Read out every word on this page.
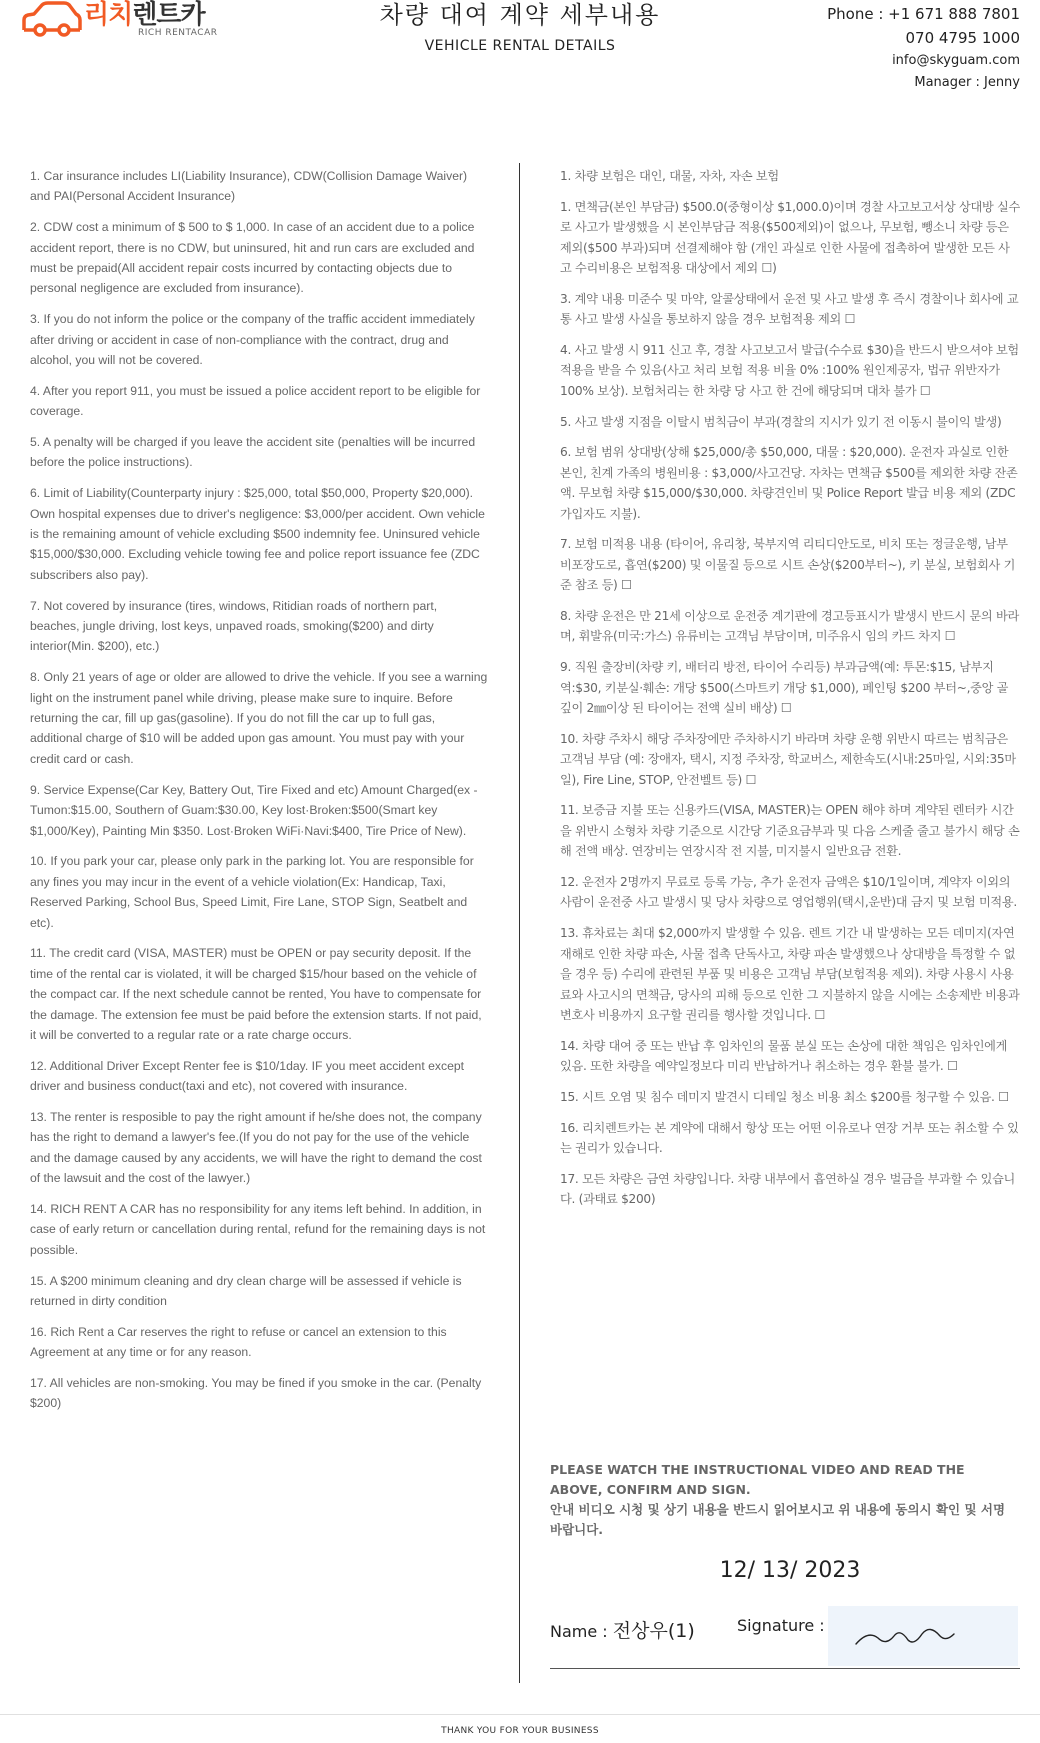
리치렌트카
RICH RENTACAR
차량 대여 계약 세부내용
VEHICLE RENTAL DETAILS
Phone : +1 671 888 7801
070 4795 1000
info@skyguam.com
Manager : Jenny

1. Car insurance includes LI(Liability Insurance), CDW(Collision Damage Waiver) and PAI(Personal Accident Insurance)

2. CDW cost a minimum of $ 500 to $ 1,000. In case of an accident due to a police accident report, there is no CDW, but uninsured, hit and run cars are excluded and must be prepaid(All accident repair costs incurred by contacting objects due to personal negligence are excluded from insurance).

3. If you do not inform the police or the company of the traffic accident immediately after driving or accident in case of non-compliance with the contract, drug and alcohol, you will not be covered.

4. After you report 911, you must be issued a police accident report to be eligible for coverage.

5. A penalty will be charged if you leave the accident site (penalties will be incurred before the police instructions).

6. Limit of Liability(Counterparty injury : $25,000, total $50,000, Property $20,000). Own hospital expenses due to driver's negligence: $3,000/per accident. Own vehicle is the remaining amount of vehicle excluding $500 indemnity fee. Uninsured vehicle $15,000/$30,000. Excluding vehicle towing fee and police report issuance fee (ZDC subscribers also pay).

7. Not covered by insurance (tires, windows, Ritidian roads of northern part, beaches, jungle driving, lost keys, unpaved roads, smoking($200) and dirty interior(Min. $200), etc.)

8. Only 21 years of age or older are allowed to drive the vehicle. If you see a warning light on the instrument panel while driving, please make sure to inquire. Before returning the car, fill up gas(gasoline). If you do not fill the car up to full gas, additional charge of $10 will be added upon gas amount. You must pay with your credit card or cash.

9. Service Expense(Car Key, Battery Out, Tire Fixed and etc) Amount Charged(ex - Tumon:$15.00, Southern of Guam:$30.00, Key lost·Broken:$500(Smart key $1,000/Key), Painting Min $350. Lost·Broken WiFi·Navi:$400, Tire Price of New).

10. If you park your car, please only park in the parking lot. You are responsible for any fines you may incur in the event of a vehicle violation(Ex: Handicap, Taxi, Reserved Parking, School Bus, Speed Limit, Fire Lane, STOP Sign, Seatbelt and etc).

11. The credit card (VISA, MASTER) must be OPEN or pay security deposit. If the time of the rental car is violated, it will be charged $15/hour based on the vehicle of the compact car. If the next schedule cannot be rented, You have to compensate for the damage. The extension fee must be paid before the extension starts. If not paid, it will be converted to a regular rate or a rate charge occurs.

12. Additional Driver Except Renter fee is $10/1day. IF you meet accident except driver and business conduct(taxi and etc), not covered with insurance.

13. The renter is resposible to pay the right amount if he/she does not, the company has the right to demand a lawyer's fee.(If you do not pay for the use of the vehicle and the damage caused by any accidents, we will have the right to demand the cost of the lawsuit and the cost of the lawyer.)

14. RICH RENT A CAR has no responsibility for any items left behind. In addition, in case of early return or cancellation during rental, refund for the remaining days is not possible.

15. A $200 minimum cleaning and dry clean charge will be assessed if vehicle is returned in dirty condition

16. Rich Rent a Car reserves the right to refuse or cancel an extension to this Agreement at any time or for any reason.

17. All vehicles are non-smoking. You may be fined if you smoke in the car. (Penalty $200)

1. 차량 보험은 대인, 대물, 자차, 자손 보험

1. 면책금(본인 부담금) $500.0(중형이상 $1,000.0)이며 경찰 사고보고서상 상대방 실수로 사고가 발생했을 시 본인부담금 적용($500제외)이 없으나, 무보험, 뺑소니 차량 등은 제외($500 부과)되며 선결제해야 함 (개인 과실로 인한 사물에 접촉하여 발생한 모든 사고 수리비용은 보험적용 대상에서 제외 ☐)

3. 계약 내용 미준수 및 마약, 알콜상태에서 운전 및 사고 발생 후 즉시 경찰이나 회사에 교통 사고 발생 사실을 통보하지 않을 경우 보험적용 제외 ☐

4. 사고 발생 시 911 신고 후, 경찰 사고보고서 발급(수수료 $30)을 반드시 받으셔야 보험 적용을 받을 수 있음(사고 처리 보험 적용 비율 0% :100% 원인제공자, 법규 위반자가 100% 보상). 보험처리는 한 차량 당 사고 한 건에 해당되며 대차 불가 ☐

5. 사고 발생 지점을 이탈시 범칙금이 부과(경찰의 지시가 있기 전 이동시 불이익 발생)

6. 보험 범위 상대방(상해 $25,000/총 $50,000, 대물 : $20,000). 운전자 과실로 인한 본인, 친계 가족의 병원비용 : $3,000/사고건당. 자차는 면책금 $500를 제외한 차량 잔존액. 무보험 차량 $15,000/$30,000. 차량견인비 및 Police Report 발급 비용 제외 (ZDC 가입자도 지불).

7. 보험 미적용 내용 (타이어, 유리창, 북부지역 리티디안도로, 비치 또는 정글운행, 남부 비포장도로, 흡연($200) 및 이물질 등으로 시트 손상($200부터~), 키 분실, 보험회사 기준 참조 등) ☐

8. 차량 운전은 만 21세 이상으로 운전중 계기판에 경고등표시가 발생시 반드시 문의 바라며, 휘발유(미국:가스) 유류비는 고객님 부담이며, 미주유시 임의 카드 차지 ☐

9. 직원 출장비(차량 키, 배터리 방전, 타이어 수리등) 부과금액(예: 투몬:$15, 남부지역:$30, 키분실·훼손: 개당 $500(스마트키 개당 $1,000), 페인팅 $200 부터~,중앙 골 깊이 2㎜이상 된 타이어는 전액 실비 배상) ☐

10. 차량 주차시 해당 주차장에만 주차하시기 바라며 차량 운행 위반시 따르는 범칙금은 고객님 부담 (예: 장애자, 택시, 지정 주차장, 학교버스, 제한속도(시내:25마일, 시외:35마일), Fire Line, STOP, 안전벨트 등) ☐

11. 보증금 지불 또는 신용카드(VISA, MASTER)는 OPEN 해야 하며 계약된 렌터카 시간을 위반시 소형차 차량 기준으로 시간당 기준요금부과 및 다음 스케줄 줄고 불가시 해당 손해 전액 배상. 연장비는 연장시작 전 지불, 미지불시 일반요금 전환.

12. 운전자 2명까지 무료로 등록 가능, 추가 운전자 금액은 $10/1일이며, 계약자 이외의 사람이 운전중 사고 발생시 및 당사 차량으로 영업행위(택시,운반)대 금지 및 보험 미적용.

13. 휴차료는 최대 $2,000까지 발생할 수 있음. 렌트 기간 내 발생하는 모든 데미지(자연재해로 인한 차량 파손, 사물 접촉 단독사고, 차량 파손 발생했으나 상대방을 특정할 수 없을 경우 등) 수리에 관련된 부품 및 비용은 고객님 부담(보험적용 제외). 차량 사용시 사용료와 사고시의 면책금, 당사의 피해 등으로 인한 그 지불하지 않을 시에는 소송제반 비용과 변호사 비용까지 요구할 권리를 행사할 것입니다. ☐

14. 차량 대여 중 또는 반납 후 임차인의 물품 분실 또는 손상에 대한 책임은 임차인에게 있음. 또한 차량을 예약일정보다 미리 반납하거나 취소하는 경우 환불 불가. ☐

15. 시트 오염 및 침수 데미지 발견시 디테일 청소 비용 최소 $200를 청구할 수 있음. ☐

16. 리치렌트카는 본 계약에 대해서 항상 또는 어떤 이유로나 연장 거부 또는 취소할 수 있는 권리가 있습니다.

17. 모든 차량은 금연 차량입니다. 차량 내부에서 흡연하실 경우 벌금을 부과할 수 있습니다. (과태료 $200)

PLEASE WATCH THE INSTRUCTIONAL VIDEO AND READ THE ABOVE, CONFIRM AND SIGN.
안내 비디오 시청 및 상기 내용을 반드시 읽어보시고 위 내용에 동의시 확인 및 서명 바랍니다.
12/ 13/ 2023
Name : 전상우(1)	Signature :
THANK YOU FOR YOUR BUSINESS
